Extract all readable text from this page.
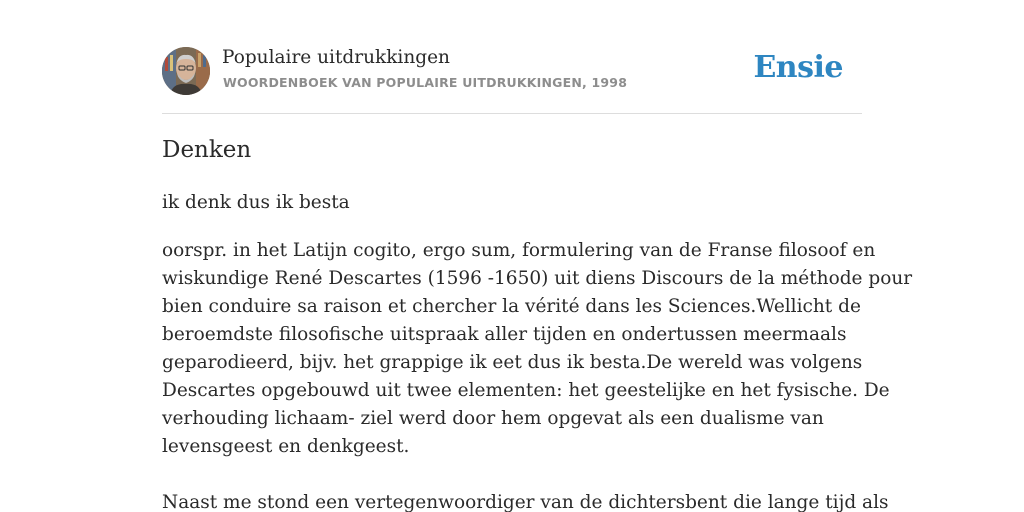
Populaire uitdrukkingen
WOORDENBOEK VAN POPULAIRE UITDRUKKINGEN, 1998	Ensie
Denken

ik denk dus ik besta

oorspr. in het Latijn cogito, ergo sum, formulering van de Franse filosoof en
wiskundige René Descartes (1596 -1650) uit diens Discours de la méthode pour
bien conduire sa raison et chercher la vérité dans les Sciences.Wellicht de
beroemdste filosofische uitspraak aller tijden en ondertussen meermaals
geparodieerd, bijv. het grappige ik eet dus ik besta.De wereld was volgens
Descartes opgebouwd uit twee elementen: het geestelijke en het fysische. De
verhouding lichaam- ziel werd door hem opgevat als een dualisme van
levensgeest en denkgeest.
Naast me stond een vertegenwoordiger van de dichtersbent die lange tijd als
